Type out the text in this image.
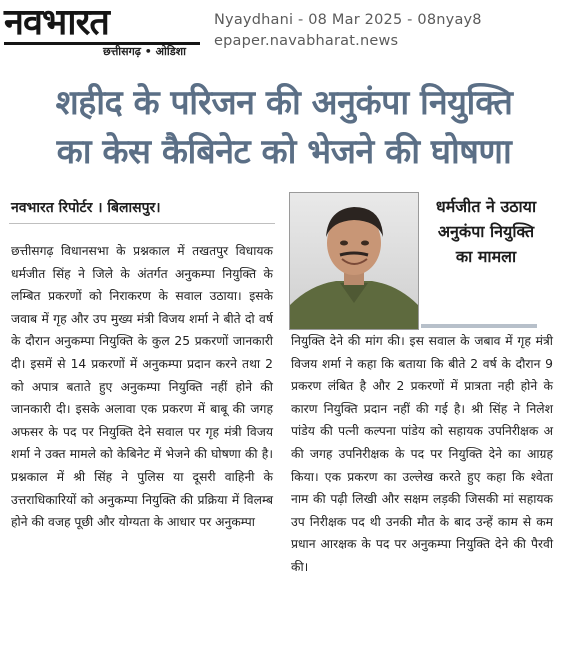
नवभारत
छत्तीसगढ़ • ओडिशा
Nyaydhani - 08 Mar 2025 - 08nyay8
epaper.navabharat.news
शहीद के परिजन की अनुकंपा नियुक्ति
का केस कैबिनेट को भेजने की घोषणा
नवभारत रिपोर्टर । बिलासपुर।	धर्मजीत ने उठाया अनुकंपा नियुक्ति का मामला
छत्तीसगढ़ विधानसभा के प्रश्नकाल में तखतपुर विधायक धर्मजीत सिंह ने जिले के अंतर्गत अनुकम्पा नियुक्ति के लम्बित प्रकरणों को निराकरण के सवाल उठाया। इसके जवाब में गृह और उप मुख्य मंत्री विजय शर्मा ने बीते दो वर्ष के दौरान अनुकम्पा नियुक्ति के कुल 25 प्रकरणों जानकारी दी। इसमें से 14 प्रकरणों में अनुकम्पा प्रदान करने तथा 2 को अपात्र बताते हुए अनुकम्पा नियुक्ति नहीं होने की जानकारी दी। इसके अलावा एक प्रकरण में बाबू की जगह अफसर के पद पर नियुक्ति देने सवाल पर गृह मंत्री विजय शर्मा ने उक्त मामले को केबिनेट में भेजने की घोषणा की है। प्रश्नकाल में श्री सिंह ने पुलिस या दूसरी वाहिनी के उत्तराधिकारियों को अनुकम्पा नियुक्ति की प्रक्रिया में विलम्ब होने की वजह पूछी और योग्यता के आधार पर अनुकम्पा
नियुक्ति देने की मांग की। इस सवाल के जबाव में गृह मंत्री विजय शर्मा ने कहा कि बताया कि बीते 2 वर्ष के दौरान 9 प्रकरण लंबित है और 2 प्रकरणों में प्रात्रता नही होने के कारण नियुक्ति प्रदान नहीं की गई है। श्री सिंह ने निलेश पांडेय की पत्नी कल्पना पांडेय को सहायक उपनिरीक्षक अ की जगह उपनिरीक्षक के पद पर नियुक्ति देने का आग्रह किया। एक प्रकरण का उल्लेख करते हुए कहा कि श्वेता नाम की पढ़ी लिखी और सक्षम लड़की जिसकी मां सहायक उप निरीक्षक पद थी उनकी मौत के बाद उन्हें काम से कम प्रधान आरक्षक के पद पर अनुकम्पा नियुक्ति देने की पैरवी की।
